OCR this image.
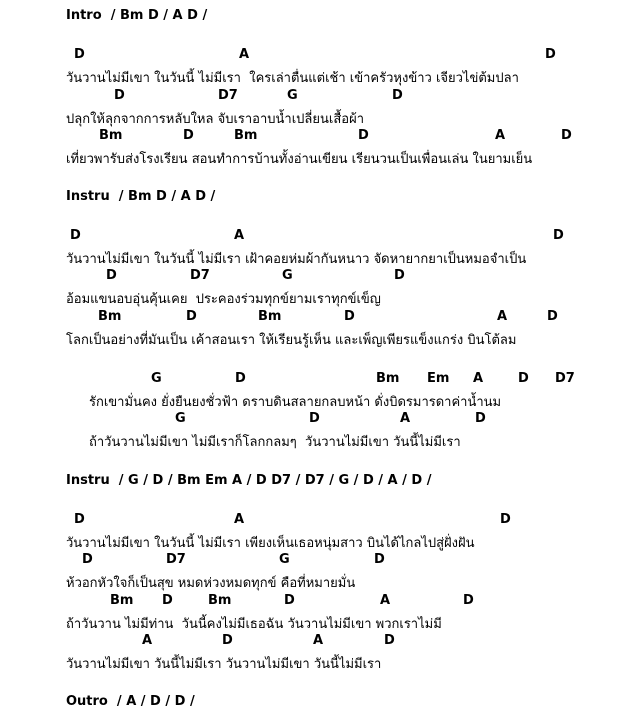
Intro  / Bm D / A D /
D	A	D
วันวานไม่มีเขา ในวันนี้ ไม่มีเรา  ใครเล่าตื่นแต่เช้า เข้าครัวหุงข้าว เจียวไข่ต้มปลา
D	D7	G	D
ปลุกให้ลุกจากการหลับใหล จับเราอาบน้ำเปลี่ยนเสื้อผ้า
Bm	D	Bm	D	A	D
เที่ยวพารับส่งโรงเรียน สอนทำการบ้านทั้งอ่านเขียน เรียนวนเป็นเพื่อนเล่น ในยามเย็น
Instru  / Bm D / A D /
D	A	D
วันวานไม่มีเขา ในวันนี้ ไม่มีเรา เฝ้าคอยห่มผ้ากันหนาว จัดหายากยาเป็นหมอจำเป็น
D	D7	G	D
อ้อมแขนอบอุ่นคุ้นเคย  ประคองร่วมทุกข์ยามเราทุกข์เข็ญ
Bm	D	Bm	D	A	D
โลกเป็นอย่างที่มันเป็น เค้าสอนเรา ให้เรียนรู้เห็น และเพ็ญเพียรแข็งแกร่ง บินโต้ลม
G	D	Bm Em A	D D7
รักเขามั่นคง ยั่งยืนยงชั่วฟ้า ดราบดินสลายกลบหน้า ดั่งบิดรมารดาค่าน้ำนม
G	D	A	D
ถ้าวันวานไม่มีเขา ไม่มีเราก็โลกกลมๆ  วันวานไม่มีเขา วันนี้ไม่มีเรา
Instru  / G / D / Bm Em A / D D7 / D7 / G / D / A / D /
D	A	D
วันวานไม่มีเขา ในวันนี้ ไม่มีเรา เพียงเห็นเธอหนุ่มสาว บินได้ไกลไปสู่ฝั่งฝัน
D	D7	G	D
ห้วอกหัวใจก็เป็นสุข หมดห่วงหมดทุกข์ คือที่หมายมั่น
Bm D	Bm	D	A	D
ถ้าวันวาน ไม่มีท่าน  วันนี้คงไม่มีเธอฉัน วันวานไม่มีเขา พวกเราไม่มี
A	D	A	D
วันวานไม่มีเขา วันนี้ไม่มีเรา วันวานไม่มีเขา วันนี้ไม่มีเรา
Outro  / A / D / D /
